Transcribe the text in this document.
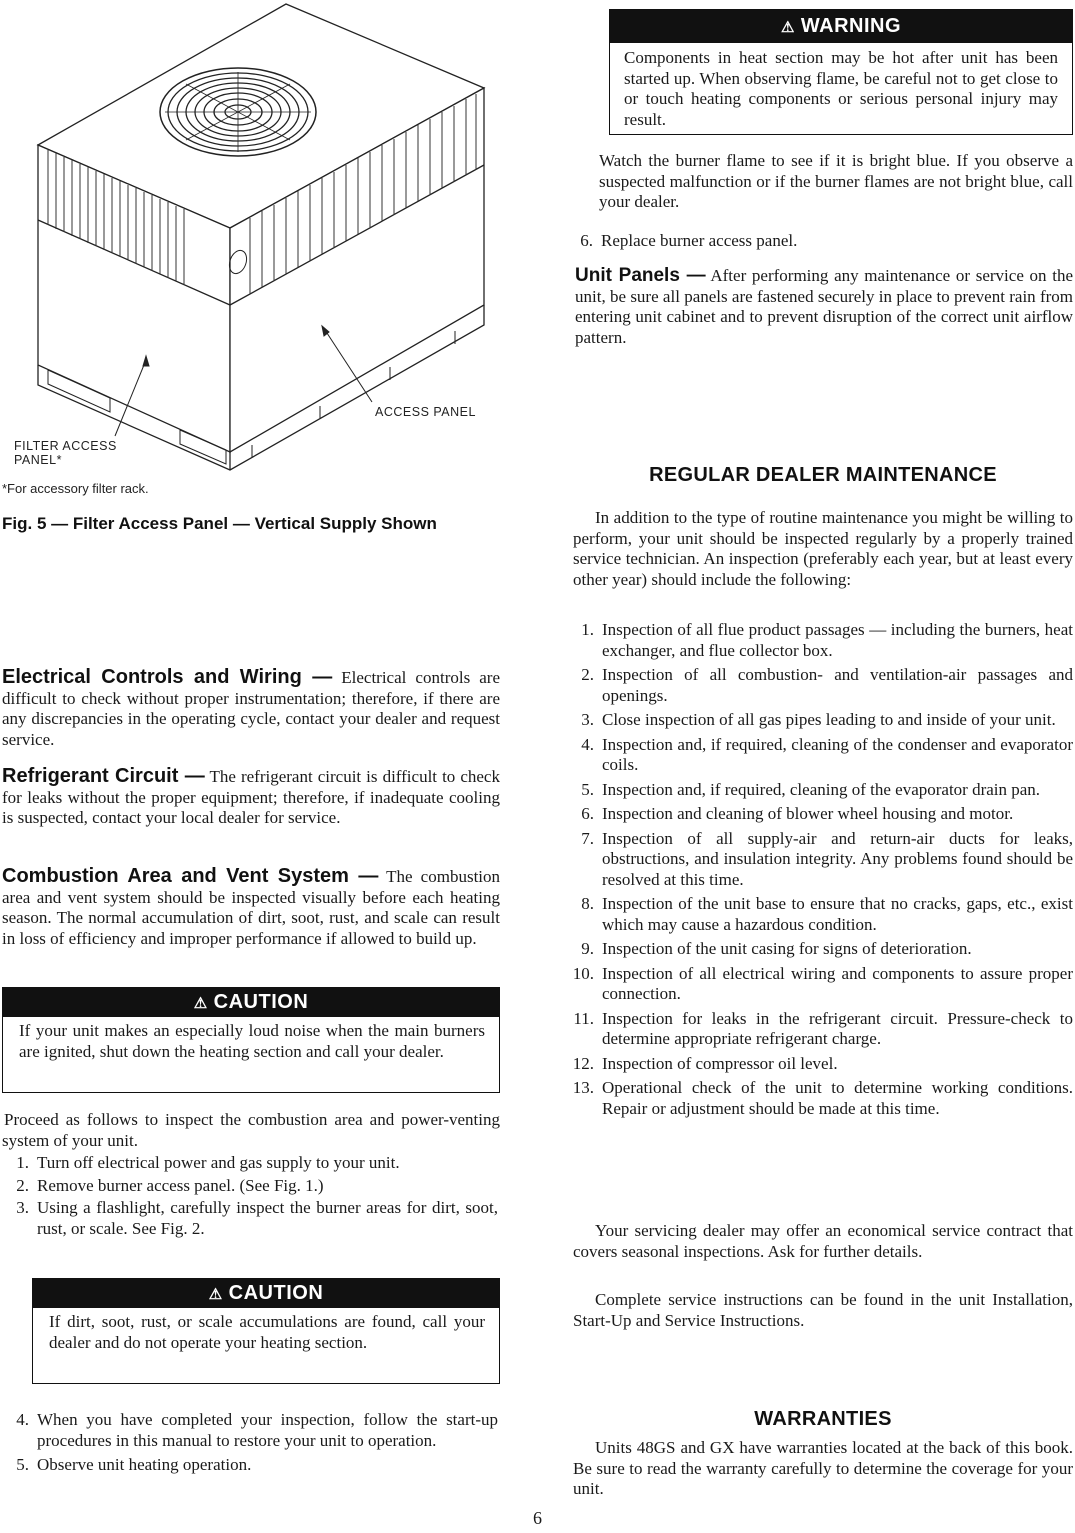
ACCESS PANEL
FILTER ACCESS
PANEL*
*For accessory filter rack.
Fig. 5 — Filter Access Panel — Vertical Supply Shown

Electrical Controls and Wiring — Electrical controls are difficult to check without proper instrumentation; therefore, if there are any discrepancies in the operating cycle, contact your dealer and request service.

Refrigerant Circuit — The refrigerant circuit is difficult to check for leaks without the proper equipment; therefore, if inadequate cooling is suspected, contact your local dealer for service.

Combustion Area and Vent System — The combustion area and vent system should be inspected visually before each heating season. The normal accumulation of dirt, soot, rust, and scale can result in loss of efficiency and improper performance if allowed to build up.

⚠ CAUTION
If your unit makes an especially loud noise when the main burners are ignited, shut down the heating section and call your dealer.

Proceed as follows to inspect the combustion area and power-venting system of your unit.

1 . Turn off electrical power and gas supply to your unit.
2 . Remove burner access panel. (See Fig. 1.)
3 . Using a flashlight, carefully inspect the burner areas for dirt, soot, rust, or scale. See Fig. 2.
⚠ CAUTION
If dirt, soot, rust, or scale accumulations are found, call your dealer and do not operate your heating section.
4 . When you have completed your inspection, follow the start-up procedures in this manual to restore your unit to operation.
5 . Observe unit heating operation.
⚠ WARNING
Components in heat section may be hot after unit has been started up. When observing flame, be careful not to get close to or touch heating components or serious personal injury may result.

Watch the burner flame to see if it is bright blue. If you observe a suspected malfunction or if the burner flames are not bright blue, call your dealer.

6 . Replace burner access panel.

Unit Panels — After performing any maintenance or service on the unit, be sure all panels are fastened securely in place to prevent rain from entering unit cabinet and to prevent disruption of the correct unit airflow pattern.

REGULAR DEALER MAINTENANCE

In addition to the type of routine maintenance you might be willing to perform, your unit should be inspected regularly by a properly trained service technician. An inspection (preferably each year, but at least every other year) should include the following:

1 . Inspection of all flue product passages — including the burners, heat exchanger, and flue collector box.
2 . Inspection of all combustion- and ventilation-air passages and openings.
3 . Close inspection of all gas pipes leading to and inside of your unit.
4 . Inspection and, if required, cleaning of the condenser and evaporator coils.
5 . Inspection and, if required, cleaning of the evaporator drain pan.
6 . Inspection and cleaning of blower wheel housing and motor.
7 . Inspection of all supply-air and return-air ducts for leaks, obstructions, and insulation integrity. Any problems found should be resolved at this time.
8 . Inspection of the unit base to ensure that no cracks, gaps, etc., exist which may cause a hazardous condition.
9 . Inspection of the unit casing for signs of deterioration.
10 . Inspection of all electrical wiring and components to assure proper connection.
11 . Inspection for leaks in the refrigerant circuit. Pressure-check to determine appropriate refrigerant charge.
12 . Inspection of compressor oil level.
13 . Operational check of the unit to determine working conditions. Repair or adjustment should be made at this time.

Your servicing dealer may offer an economical service contract that covers seasonal inspections. Ask for further details.

Complete service instructions can be found in the unit Installation, Start-Up and Service Instructions.

WARRANTIES

Units 48GS and GX have warranties located at the back of this book. Be sure to read the warranty carefully to determine the coverage for your unit.

6
